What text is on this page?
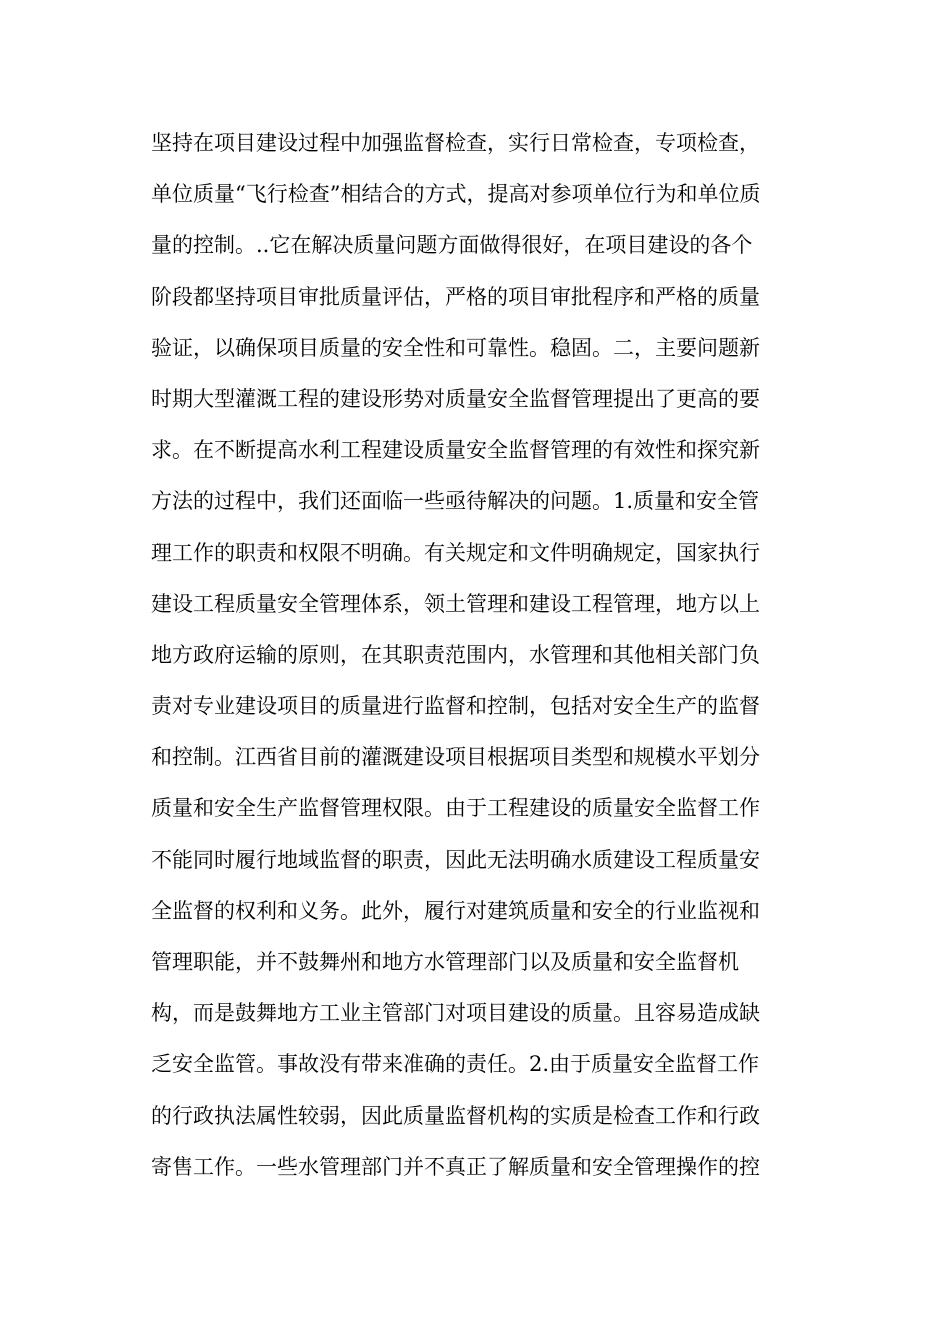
坚持在项目建设过程中加强监督检查，实行日常检查，专项检查，
单位质量“飞行检查”相结合的方式，提高对参项单位行为和单位质
量的控制。..它在解决质量问题方面做得很好，在项目建设的各个
阶段都坚持项目审批质量评估，严格的项目审批程序和严格的质量
验证，以确保项目质量的安全性和可靠性。稳固。二，主要问题新
时期大型灌溉工程的建设形势对质量安全监督管理提出了更高的要
求。在不断提高水利工程建设质量安全监督管理的有效性和探究新
方法的过程中，我们还面临一些亟待解决的问题。1.质量和安全管
理工作的职责和权限不明确。有关规定和文件明确规定，国家执行
建设工程质量安全管理体系，领土管理和建设工程管理，地方以上
地方政府运输的原则，在其职责范围内，水管理和其他相关部门负
责对专业建设项目的质量进行监督和控制，包括对安全生产的监督
和控制。江西省目前的灌溉建设项目根据项目类型和规模水平划分
质量和安全生产监督管理权限。由于工程建设的质量安全监督工作
不能同时履行地域监督的职责，因此无法明确水质建设工程质量安
全监督的权利和义务。此外，履行对建筑质量和安全的行业监视和
管理职能，并不鼓舞州和地方水管理部门以及质量和安全监督机
构，而是鼓舞地方工业主管部门对项目建设的质量。且容易造成缺
乏安全监管。事故没有带来准确的责任。2.由于质量安全监督工作
的行政执法属性较弱，因此质量监督机构的实质是检查工作和行政
寄售工作。一些水管理部门并不真正了解质量和安全管理操作的控
